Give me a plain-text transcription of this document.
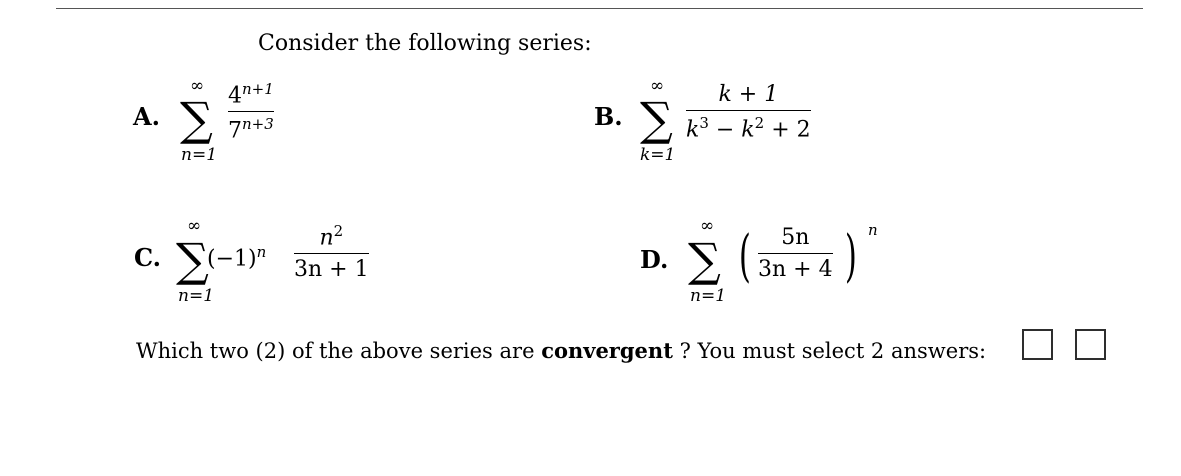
Consider the following series:
A.
∞
∑
n=1
$4^{n+1}$
$7^{n+3}$	B.
∞
∑
k=1
k + 1
$k^3 - k^2 + 2$
C.
∞
∑
n=1
$(-1)^n$
$n^2$
3n + 1	D.
∞
∑
n=1
(	5n
3n + 4 ) n
Which two (2) of the above series are convergent ? You must select 2 answers:
